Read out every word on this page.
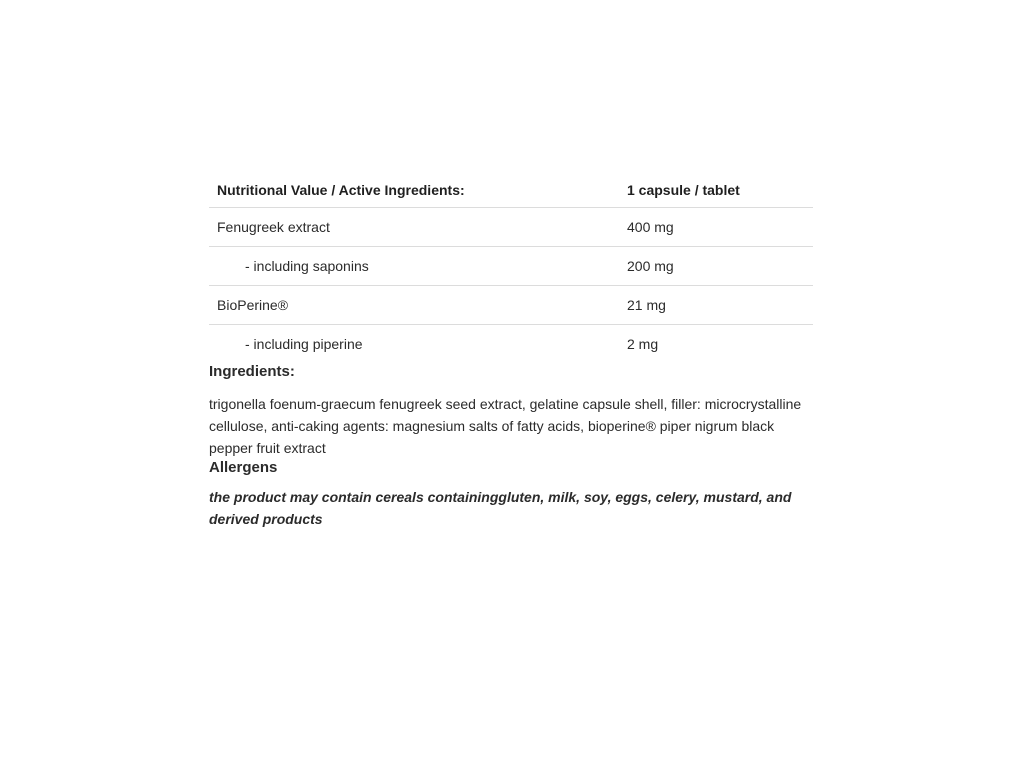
Nutritional Value / Active Ingredients:	1 capsule / tablet
Fenugreek extract	400 mg
- including saponins	200 mg
BioPerine®	21 mg
- including piperine	2 mg
Ingredients:

trigonella foenum-graecum fenugreek seed extract, gelatine capsule shell, filler: microcrystalline cellulose, anti-caking agents: magnesium salts of fatty acids, bioperine® piper nigrum black pepper fruit extract

Allergens

the product may contain cereals containinggluten, milk, soy, eggs, celery, mustard, and derived products
